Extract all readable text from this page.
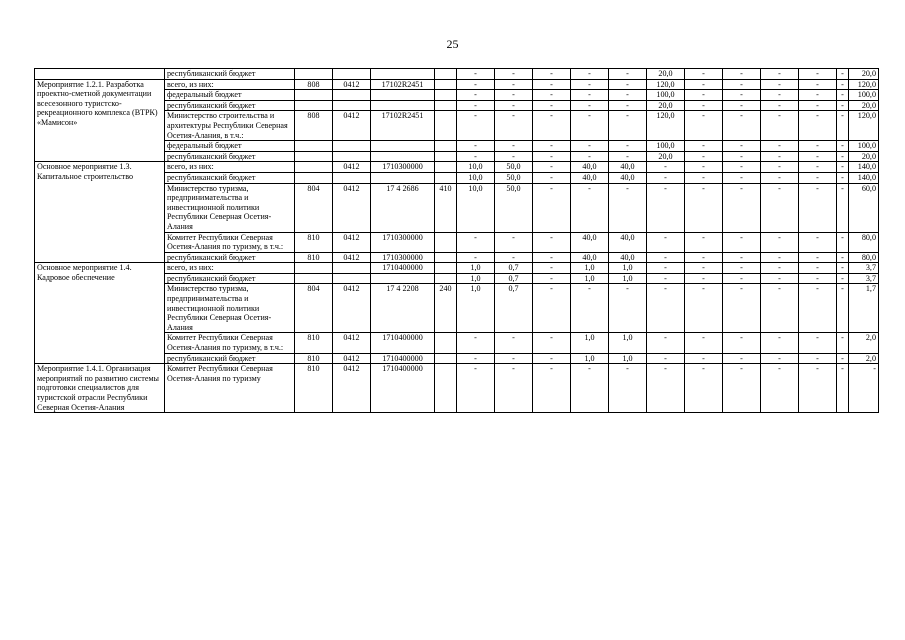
25
	республиканский бюджет					-	-	-	-	-	20,0	-	-	-	-	-	20,0
Мероприятие 1.2.1. Разработка проектно-сметной документации всесезонного туристско-рекреационного комплекса (ВТРК) «Мамисон»	всего, из них:	808	0412	17102R2451		-	-	-	-	-	120,0	-	-	-	-	-	120,0
	федеральный бюджет					-	-	-	-	-	100,0	-	-	-	-	-	100,0
	республиканский бюджет					-	-	-	-	-	20,0	-	-	-	-	-	20,0
	Министерство строительства и архитектуры Республики Северная Осетия-Алания, в т.ч.:	808	0412	17102R2451		-	-	-	-	-	120,0	-	-	-	-	-	120,0
	федеральный бюджет					-	-	-	-	-	100,0	-	-	-	-	-	100,0
	республиканский бюджет					-	-	-	-	-	20,0	-	-	-	-	-	20,0
Основное мероприятие 1.3. Капитальное строительство	всего, из них:		0412	1710300000		10,0	50,0	-	40,0	40,0	-	-	-	-	-	-	140,0
	республиканский бюджет					10,0	50,0	-	40,0	40,0	-	-	-	-	-	-	140,0
	Министерство туризма, предпринимательства и инвестиционной политики Республики Северная Осетия-Алания	804	0412	17 4 2686	410	10,0	50,0	-	-	-	-	-	-	-	-	-	60,0
	Комитет Республики Северная Осетия-Алания по туризму, в т.ч.:	810	0412	1710300000		-	-	-	40,0	40,0	-	-	-	-	-	-	80,0
	республиканский бюджет	810	0412	1710300000		-	-	-	40,0	40,0	-	-	-	-	-	-	80,0
Основное мероприятие 1.4. Кадровое обеспечение	всего, из них:			1710400000		1,0	0,7	-	1,0	1,0	-	-	-	-	-	-	3,7
	республиканский бюджет					1,0	0,7	-	1,0	1,0	-	-	-	-	-	-	3,7
	Министерство туризма, предпринимательства и инвестиционной политики Республики Северная Осетия-Алания	804	0412	17 4 2208	240	1,0	0,7	-	-	-	-	-	-	-	-	-	1,7
	Комитет Республики Северная Осетия-Алания по туризму, в т.ч.:	810	0412	1710400000		-	-	-	1,0	1,0	-	-	-	-	-	-	2,0
	республиканский бюджет	810	0412	1710400000		-	-	-	1,0	1,0	-	-	-	-	-	-	2,0
Мероприятие 1.4.1. Организация мероприятий по развитию системы подготовки специалистов для туристской отрасли Республики Северная Осетия-Алания	Комитет Республики Северная Осетия-Алания по туризму	810	0412	1710400000		-	-	-	-	-	-	-	-	-	-	-	-
